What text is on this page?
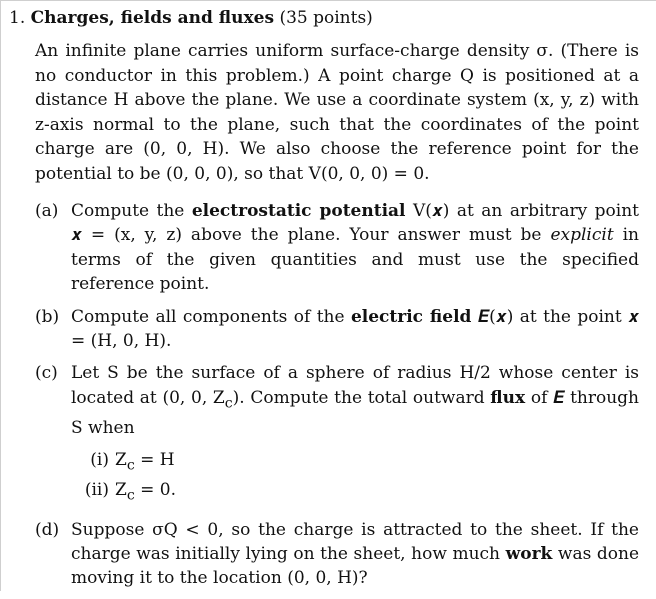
1. Charges, fields and fluxes (35 points)
An infinite plane carries uniform surface-charge density σ. (There is no conductor in this problem.) A point charge Q is positioned at a distance H above the plane. We use a coordinate system (x, y, z) with z-axis normal to the plane, such that the coordinates of the point charge are (0, 0, H). We also choose the reference point for the potential to be (0, 0, 0), so that V(0, 0, 0) = 0.
(a) Compute the electrostatic potential V(𝒙) at an arbitrary point 𝒙 = (x, y, z) above the plane. Your answer must be explicit in terms of the given quantities and must use the specified reference point.
(b) Compute all components of the electric field 𝑬(𝒙) at the point 𝒙 = (H, 0, H).
(c) Let S be the surface of a sphere of radius H/2 whose center is located at (0, 0, $Z_c$). Compute the total outward flux of 𝑬 through S when
(i) $Z_c = H$
(ii) $Z_c = 0$.
(d) Suppose σQ < 0, so the charge is attracted to the sheet. If the charge was initially lying on the sheet, how much work was done moving it to the location (0, 0, H)?
